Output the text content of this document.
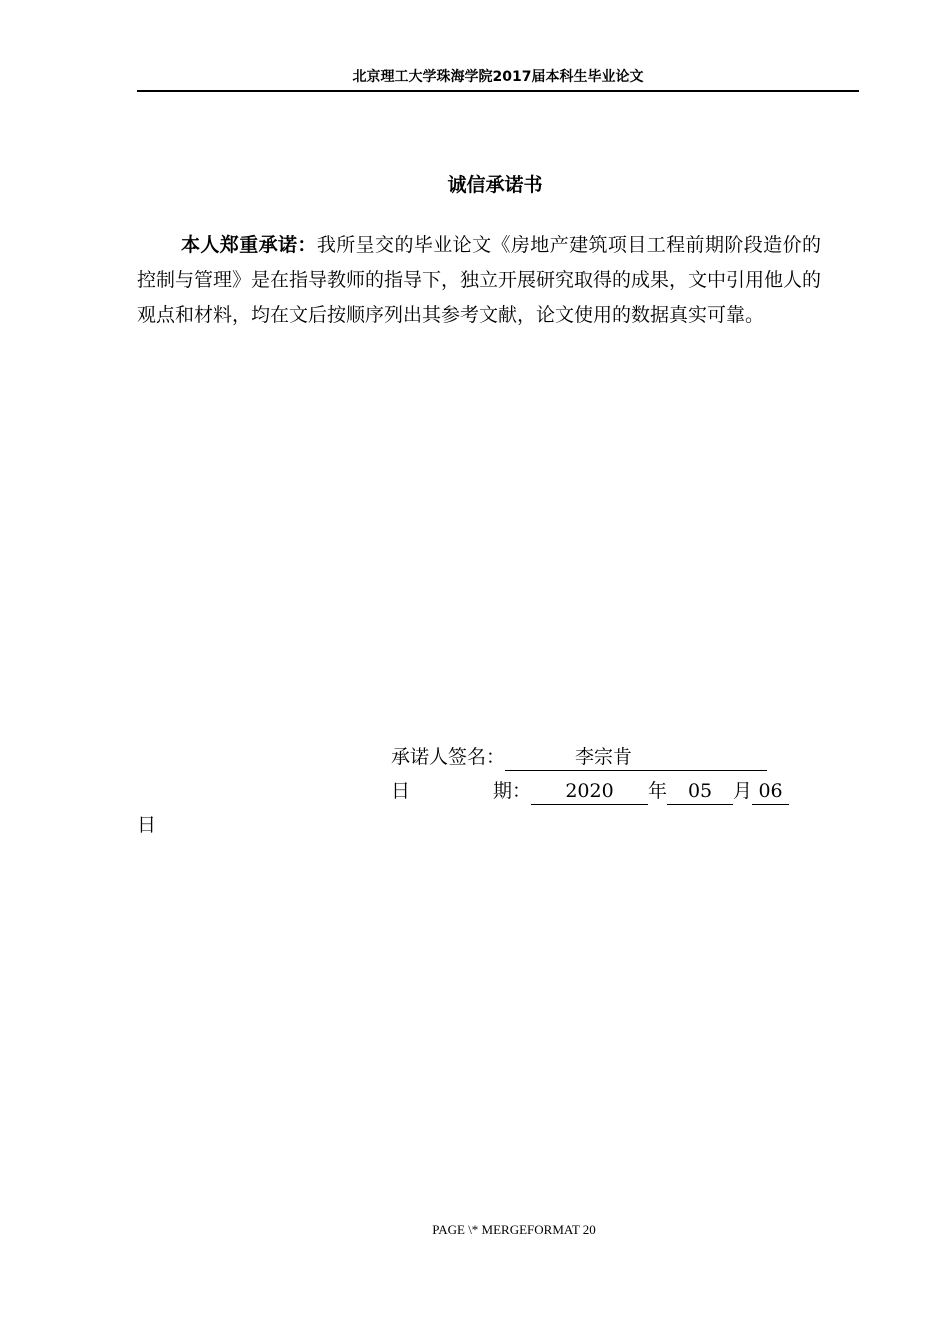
北京理工大学珠海学院2017届本科生毕业论文
诚信承诺书
本人郑重承诺：我所呈交的毕业论文《房地产建筑项目工程前期阶段造价的控制与管理》是在指导教师的指导下，独立开展研究取得的成果，文中引用他人的观点和材料，均在文后按顺序列出其参考文献，论文使用的数据真实可靠。
承诺人签名：	李宗肯
日	期： 2020 年 05 月 06
日
PAGE \* MERGEFORMAT 20
